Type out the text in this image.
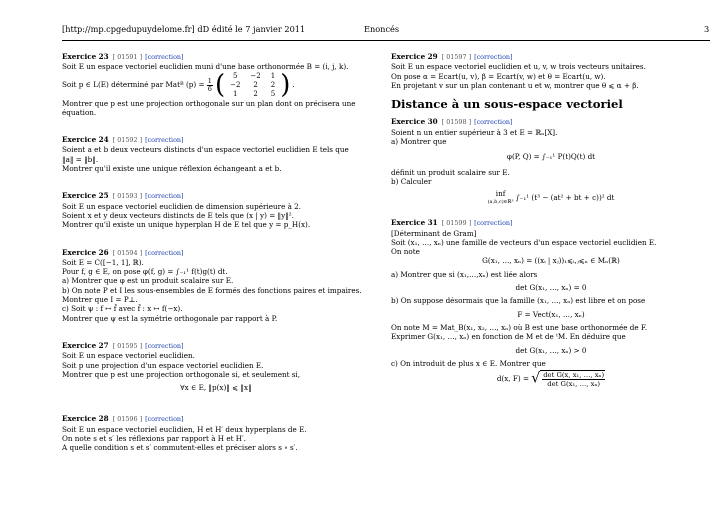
[http://mp.cpgedupuydelome.fr] dD édité le 7 janvier 2011	Enoncés	3
Exercice 23 [ 01591 ] [correction]
Soit E un espace vectoriel euclidien muni d'une base orthonormée B = (i, j, k).
Soit p ∈ L(E) déterminé par Mat B
(p) =
$\frac{1}{6}$ ( 5	−2	1
−2	2	2
1	2	5 ) .
Montrer que p est une projection orthogonale sur un plan dont on précisera une
équation.
Exercice 24 [ 01592 ] [correction]
Soient a et b deux vecteurs distincts d'un espace vectoriel euclidien E tels que
‖a‖ = ‖b‖.
Montrer qu'il existe une unique réflexion échangeant a et b.
Exercice 25 [ 01593 ] [correction]
Soit E un espace vectoriel euclidien de dimension supérieure à 2.
Soient x et y deux vecteurs distincts de E tels que (x | y) = ‖y‖².
Montrer qu'il existe un unique hyperplan H de E tel que y = p_H(x).
Exercice 26 [ 01594 ] [correction]
Soit E = C([−1, 1], ℝ).
Pour f, g ∈ E, on pose φ(f, g) = ∫₋₁¹ f(t)g(t) dt.
a) Montrer que φ est un produit scalaire sur E.
b) On note P et I les sous-ensembles de E formés des fonctions paires et impaires.
Montrer que I = P⊥.
c) Soit ψ : f ↦ f̂ avec f̂ : x ↦ f(−x).
Montrer que ψ est la symétrie orthogonale par rapport à P.
Exercice 27 [ 01595 ] [correction]
Soit E un espace vectoriel euclidien.
Soit p une projection d'un espace vectoriel euclidien E.
Montrer que p est une projection orthogonale si, et seulement si,
∀x ∈ E, ‖p(x)‖ ⩽ ‖x‖
Exercice 28 [ 01596 ] [correction]
Soit E un espace vectoriel euclidien, H et H′ deux hyperplans de E.
On note s et s′ les réflexions par rapport à H et H′.
A quelle condition s et s′ commutent-elles et préciser alors s ∘ s′.
Exercice 29 [ 01597 ] [correction]
Soit E un espace vectoriel euclidien et u, v, w trois vecteurs unitaires.
On pose α = Ecart(u, v), β = Ecart(v, w) et θ = Ecart(u, w).
En projetant v sur un plan contenant u et w, montrer que θ ⩽ α + β.
Distance à un sous-espace vectoriel
Exercice 30 [ 01598 ] [correction]
Soient n un entier supérieur à 3 et E = ℝₙ[X].
a) Montrer que
φ(P, Q) = ∫₋₁¹ P(t)Q(t) dt
définit un produit scalaire sur E.
b) Calculer
inf
(a,b,c)∈ℝ³ ∫₋₁¹ (t³ − (at² + bt + c))² dt
Exercice 31 [ 01599 ] [correction]
[Déterminant de Gram]
Soit (x₁, …, xₙ) une famille de vecteurs d'un espace vectoriel euclidien E.
On note
G(x₁, …, xₙ) = ((xᵢ | xⱼ))₁⩽ᵢ,ⱼ⩽ₙ ∈ Mₙ(ℝ)
a) Montrer que si (x₁,…,xₙ) est liée alors
det G(x₁, …, xₙ) = 0
b) On suppose désormais que la famille (x₁, …, xₙ) est libre et on pose
F = Vect(x₁, …, xₙ)
On note M = Mat_B(x₁, x₂, …, xₙ) où B est une base orthonormée de F.
Exprimer G(x₁, …, xₙ) en fonction de M et de ᵗM. En déduire que
det G(x₁, …, xₙ) > 0
c) On introduit de plus x ∈ E. Montrer que
d(x, F) = √ $\frac{\text{det G(x, x₁, …, xₙ)}}{\text{det G(x₁, …, xₙ)}}$
